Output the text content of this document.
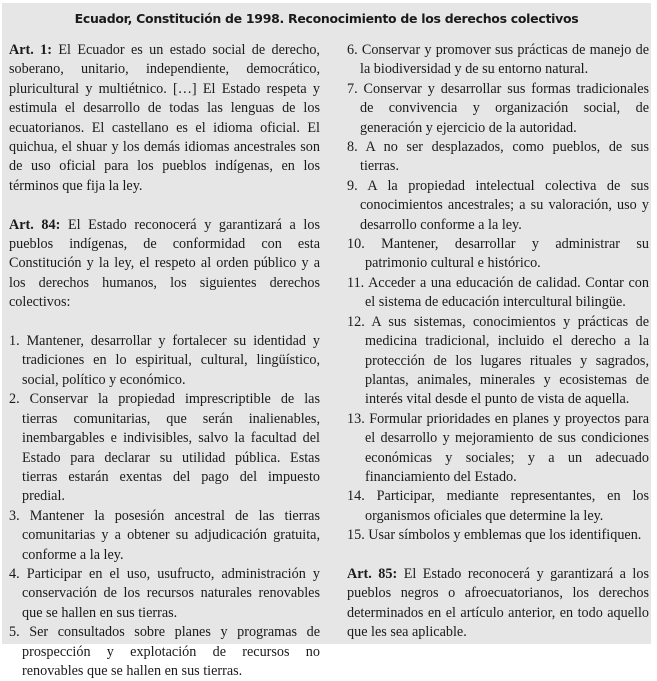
Ecuador, Constitución de 1998. Reconocimiento de los derechos colectivos

Art. 1: El Ecuador es un estado social de derecho, soberano, unitario, independiente, democrático, pluricultural y multiétnico. […] El Estado respeta y estimula el desarrollo de todas las lenguas de los ecuatorianos. El castellano es el idioma oficial. El quichua, el shuar y los demás idiomas ancestrales son de uso oficial para los pueblos indígenas, en los términos que fija la ley.

Art. 84: El Estado reconocerá y garantizará a los pueblos indígenas, de conformidad con esta Constitución y la ley, el respeto al orden público y a los derechos humanos, los siguientes derechos colectivos:

1. Mantener, desarrollar y fortalecer su identidad y tradiciones en lo espiritual, cultural, lingüístico, social, político y económico.
2. Conservar la propiedad imprescriptible de las tierras comunitarias, que serán inalienables, inembargables e indivisibles, salvo la facultad del Estado para declarar su utilidad pública. Estas tierras estarán exentas del pago del impuesto predial.
3. Mantener la posesión ancestral de las tierras comunitarias y a obtener su adjudicación gratuita, conforme a la ley.
4. Participar en el uso, usufructo, administración y conservación de los recursos naturales renovables que se hallen en sus tierras.
5. Ser consultados sobre planes y programas de prospección y explotación de recursos no renovables que se hallen en sus tierras.
6. Conservar y promover sus prácticas de manejo de la biodiversidad y de su entorno natural.
7. Conservar y desarrollar sus formas tradicionales de convivencia y organización social, de generación y ejercicio de la autoridad.
8. A no ser desplazados, como pueblos, de sus tierras.
9. A la propiedad intelectual colectiva de sus conocimientos ancestrales; a su valoración, uso y desarrollo conforme a la ley.
10. Mantener, desarrollar y administrar su patrimonio cultural e histórico.
11. Acceder a una educación de calidad. Contar con el sistema de educación intercultural bilingüe.
12. A sus sistemas, conocimientos y prácticas de medicina tradicional, incluido el derecho a la protección de los lugares rituales y sagrados, plantas, animales, minerales y ecosistemas de interés vital desde el punto de vista de aquella.
13. Formular prioridades en planes y proyectos para el desarrollo y mejoramiento de sus condiciones económicas y sociales; y a un adecuado financiamiento del Estado.
14. Participar, mediante representantes, en los organismos oficiales que determine la ley.
15. Usar símbolos y emblemas que los identifiquen.

Art. 85: El Estado reconocerá y garantizará a los pueblos negros o afroecuatorianos, los derechos determinados en el artículo anterior, en todo aquello que les sea aplicable.
